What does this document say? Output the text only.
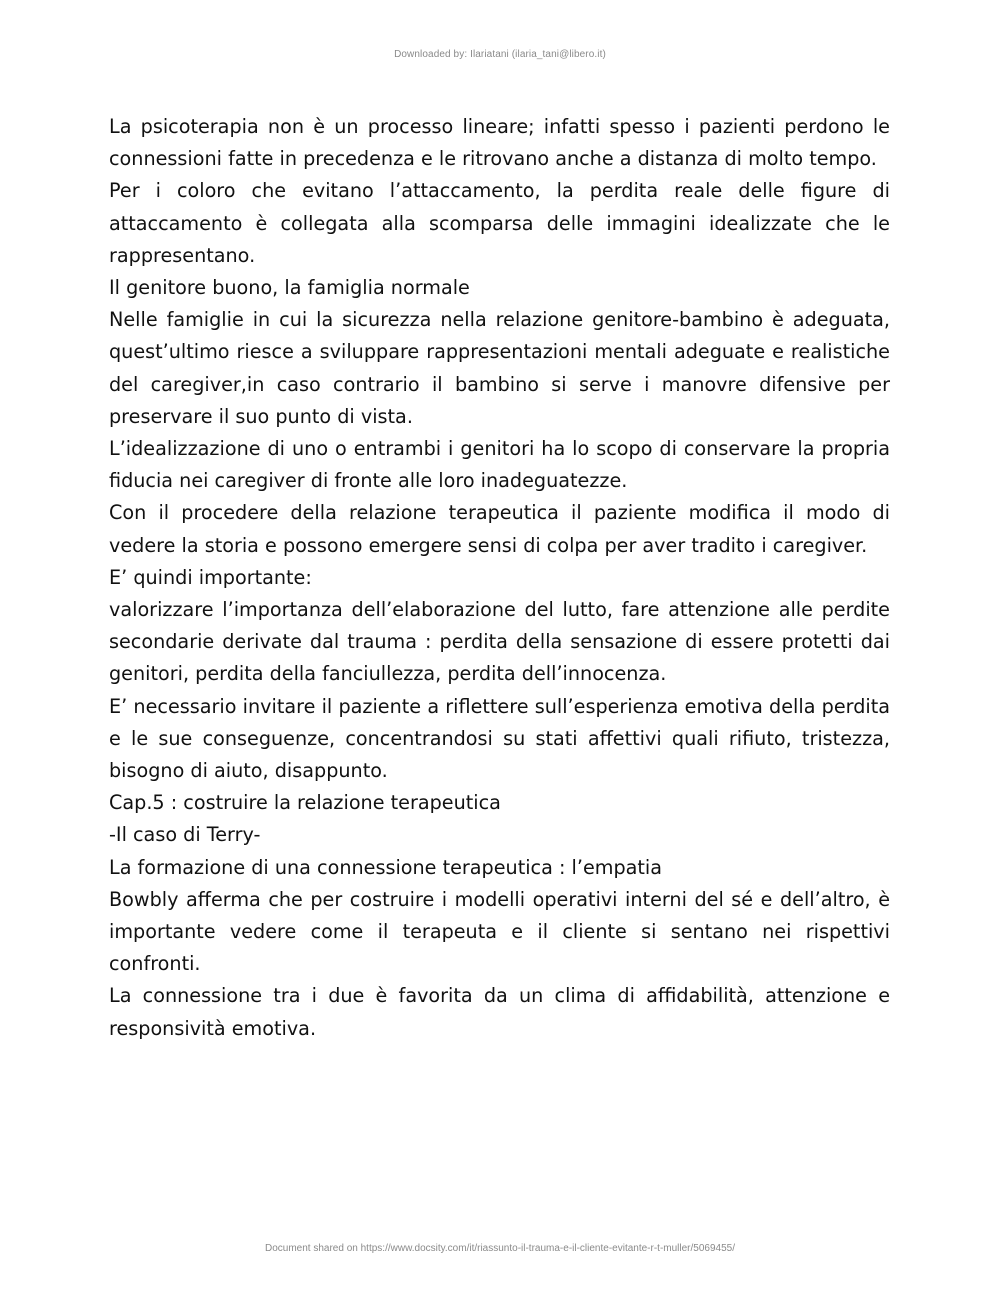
Downloaded by: Ilariatani (ilaria_tani@libero.it)

La psicoterapia non è un processo lineare; infatti spesso i pazienti perdono le connessioni fatte in precedenza e le ritrovano anche a distanza di molto tempo.

Per i coloro che evitano l’attaccamento, la perdita reale delle figure di attaccamento è collegata alla scomparsa delle immagini idealizzate che le rappresentano.

Il genitore buono, la famiglia normale

Nelle famiglie in cui la sicurezza nella relazione genitore-bambino è adeguata, quest’ultimo riesce a sviluppare rappresentazioni mentali adeguate e realistiche del caregiver,in caso contrario il bambino si serve i manovre difensive per preservare il suo punto di vista.

L’idealizzazione di uno o entrambi i genitori ha lo scopo di conservare la propria fiducia nei caregiver di fronte alle loro inadeguatezze.

Con il procedere della relazione terapeutica il paziente modifica il modo di vedere la storia e possono emergere sensi di colpa per aver tradito i caregiver.

E’ quindi importante:

valorizzare l’importanza dell’elaborazione del lutto, fare attenzione alle perdite secondarie derivate dal trauma : perdita della sensazione di essere protetti dai genitori, perdita della fanciullezza, perdita dell’innocenza.

E’ necessario invitare il paziente a riflettere sull’esperienza emotiva della perdita e le sue conseguenze, concentrandosi su stati affettivi quali rifiuto, tristezza, bisogno di aiuto, disappunto.

Cap.5 : costruire la relazione terapeutica

-Il caso di Terry-

La formazione di una connessione terapeutica : l’empatia

Bowbly afferma che per costruire i modelli operativi interni del sé e dell’altro, è importante vedere come il terapeuta e il cliente si sentano nei rispettivi confronti.

La connessione tra i due è favorita da un clima di affidabilità, attenzione e responsività emotiva.

Document shared on https://www.docsity.com/it/riassunto-il-trauma-e-il-cliente-evitante-r-t-muller/5069455/
